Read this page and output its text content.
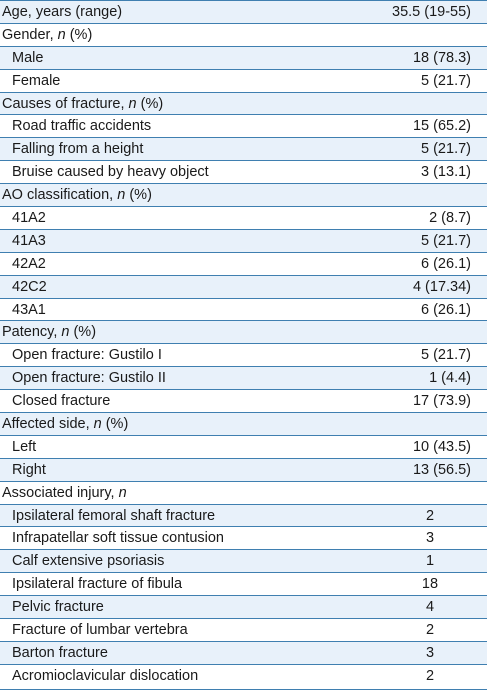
Age, years (range)	35.5 (19-55)
Gender, n (%)
Male	18 (78.3)
Female	5 (21.7)
Causes of fracture, n (%)
Road traffic accidents	15 (65.2)
Falling from a height	5 (21.7)
Bruise caused by heavy object	3 (13.1)
AO classification, n (%)
41A2	2 (8.7)
41A3	5 (21.7)
42A2	6 (26.1)
42C2	4 (17.34)
43A1	6 (26.1)
Patency, n (%)
Open fracture: Gustilo I	5 (21.7)
Open fracture: Gustilo II	1 (4.4)
Closed fracture	17 (73.9)
Affected side, n (%)
Left	10 (43.5)
Right	13 (56.5)
Associated injury, n
Ipsilateral femoral shaft fracture	2
Infrapatellar soft tissue contusion	3
Calf extensive psoriasis	1
Ipsilateral fracture of fibula	18
Pelvic fracture	4
Fracture of lumbar vertebra	2
Barton fracture	3
Acromioclavicular dislocation	2
